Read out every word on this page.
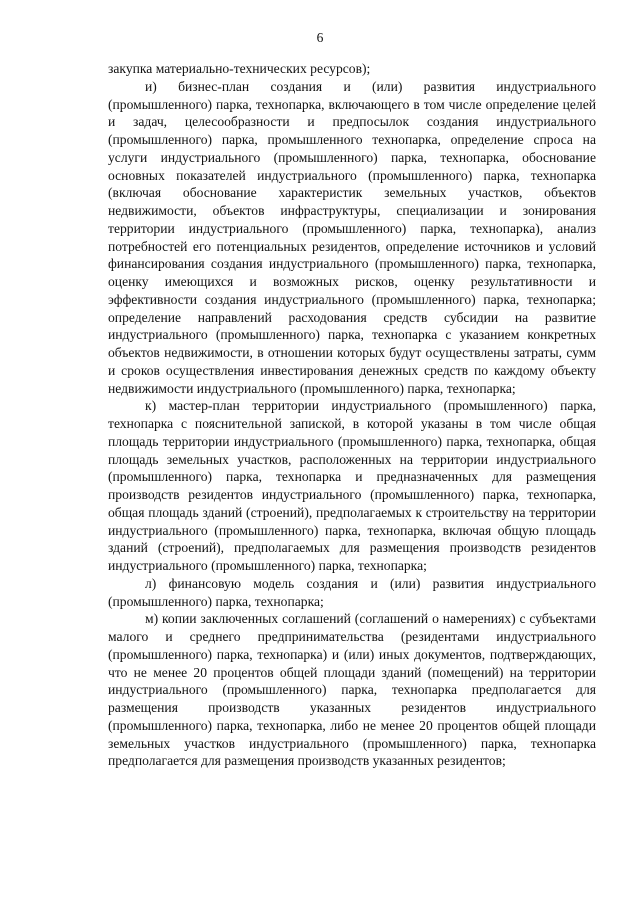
6

закупка материально-технических ресурсов);

и) бизнес-план создания и (или) развития индустриального (промышленного) парка, технопарка, включающего в том числе определение целей и задач, целесообразности и предпосылок создания индустриального (промышленного) парка, промышленного технопарка, определение спроса на услуги индустриального (промышленного) парка, технопарка, обоснование основных показателей индустриального (промышленного) парка, технопарка (включая обоснование характеристик земельных участков, объектов недвижимости, объектов инфраструктуры, специализации и зонирования территории индустриального (промышленного) парка, технопарка), анализ потребностей его потенциальных резидентов, определение источников и условий финансирования создания индустриального (промышленного) парка, технопарка, оценку имеющихся и возможных рисков, оценку результативности и эффективности создания индустриального (промышленного) парка, технопарка; определение направлений расходования средств субсидии на развитие индустриального (промышленного) парка, технопарка с указанием конкретных объектов недвижимости, в отношении которых будут осуществлены затраты, сумм и сроков осуществления инвестирования денежных средств по каждому объекту недвижимости индустриального (промышленного) парка, технопарка;

к) мастер-план территории индустриального (промышленного) парка, технопарка с пояснительной запиской, в которой указаны в том числе общая площадь территории индустриального (промышленного) парка, технопарка, общая площадь земельных участков, расположенных на территории индустриального (промышленного) парка, технопарка и предназначенных для размещения производств резидентов индустриального (промышленного) парка, технопарка, общая площадь зданий (строений), предполагаемых к строительству на территории индустриального (промышленного) парка, технопарка, включая общую площадь зданий (строений), предполагаемых для размещения производств резидентов индустриального (промышленного) парка, технопарка;

л) финансовую модель создания и (или) развития индустриального (промышленного) парка, технопарка;

м) копии заключенных соглашений (соглашений о намерениях) с субъектами малого и среднего предпринимательства (резидентами индустриального (промышленного) парка, технопарка) и (или) иных документов, подтверждающих, что не менее 20 процентов общей площади зданий (помещений) на территории индустриального (промышленного) парка, технопарка предполагается для размещения производств указанных резидентов индустриального (промышленного) парка, технопарка, либо не менее 20 процентов общей площади земельных участков индустриального (промышленного) парка, технопарка предполагается для размещения производств указанных резидентов;
